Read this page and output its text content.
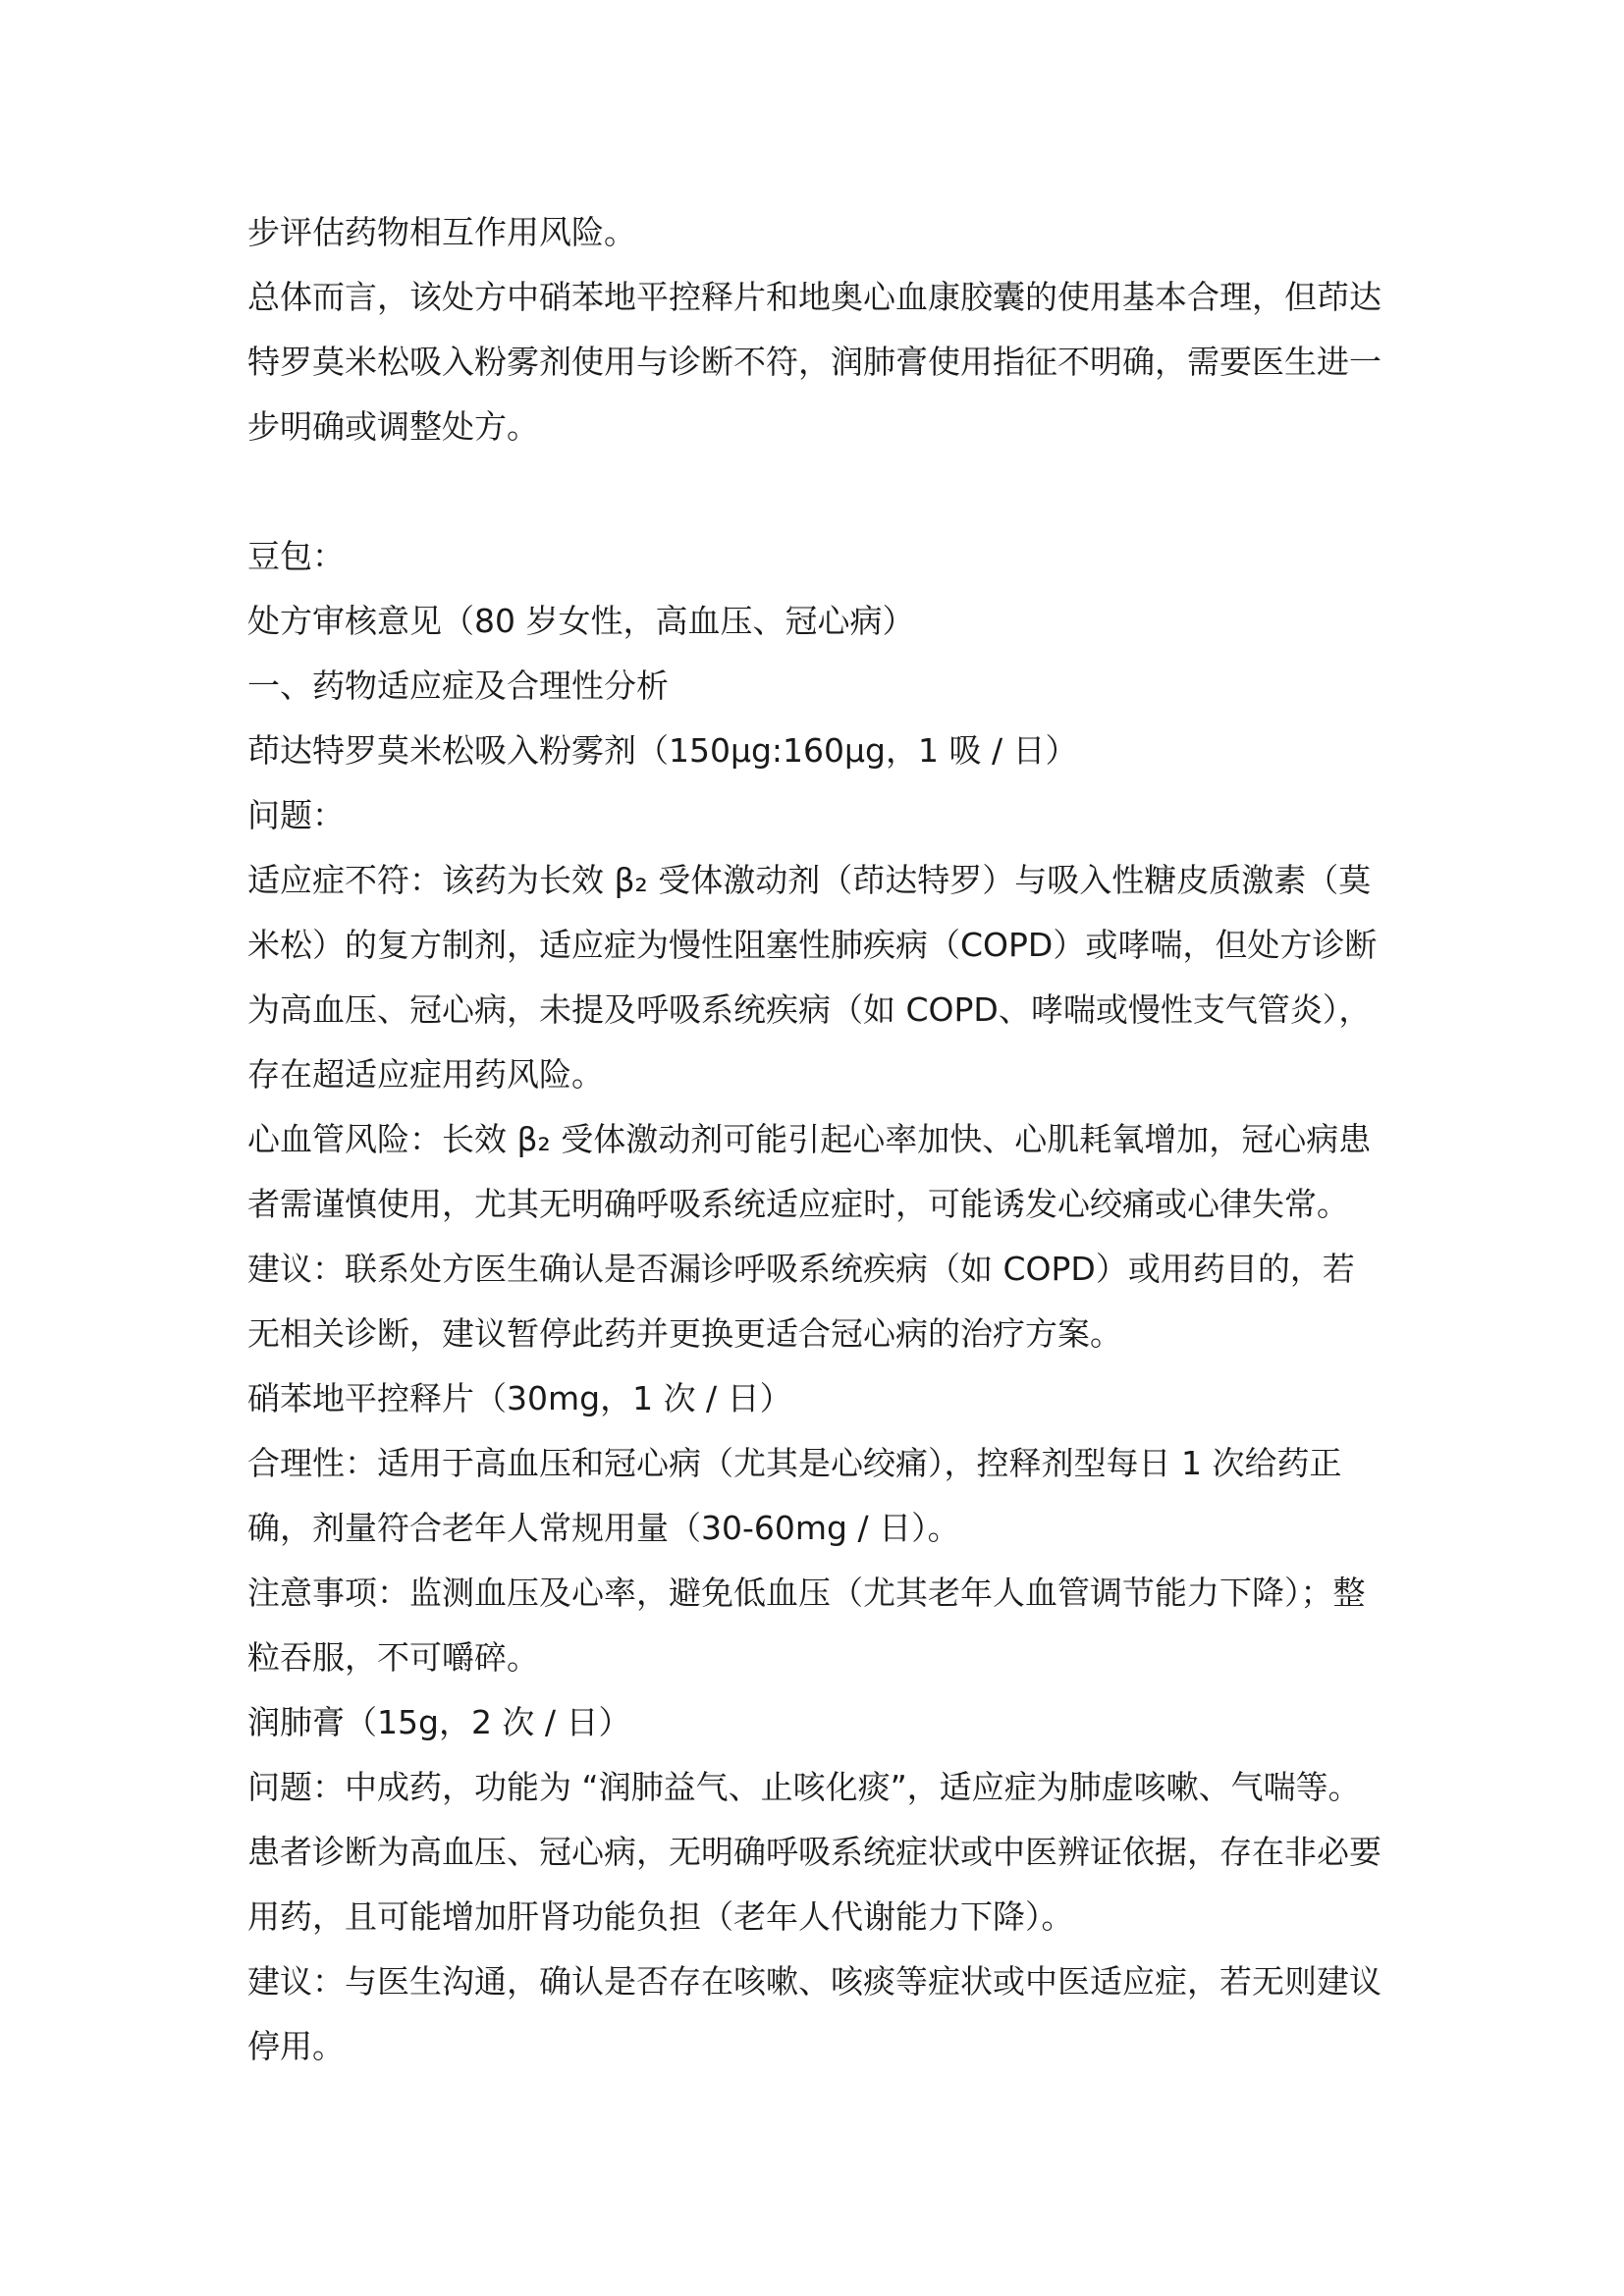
步评估药物相互作用风险。

总体而言，该处方中硝苯地平控释片和地奥心血康胶囊的使用基本合理，但茚达特罗莫米松吸入粉雾剂使用与诊断不符，润肺膏使用指征不明确，需要医生进一步明确或调整处方。

豆包：

处方审核意见（80 岁女性，高血压、冠心病）

一、药物适应症及合理性分析

茚达特罗莫米松吸入粉雾剂（150μg:160μg，1 吸 / 日）

问题：

适应症不符：该药为长效 β₂ 受体激动剂（茚达特罗）与吸入性糖皮质激素（莫米松）的复方制剂，适应症为慢性阻塞性肺疾病（COPD）或哮喘，但处方诊断为高血压、冠心病，未提及呼吸系统疾病（如 COPD、哮喘或慢性支气管炎），存在超适应症用药风险。

心血管风险：长效 β₂ 受体激动剂可能引起心率加快、心肌耗氧增加，冠心病患者需谨慎使用，尤其无明确呼吸系统适应症时，可能诱发心绞痛或心律失常。

建议：联系处方医生确认是否漏诊呼吸系统疾病（如 COPD）或用药目的，若无相关诊断，建议暂停此药并更换更适合冠心病的治疗方案。

硝苯地平控释片（30mg，1 次 / 日）

合理性：适用于高血压和冠心病（尤其是心绞痛），控释剂型每日 1 次给药正确，剂量符合老年人常规用量（30-60mg / 日）。

注意事项：监测血压及心率，避免低血压（尤其老年人血管调节能力下降）；整粒吞服，不可嚼碎。

润肺膏（15g，2 次 / 日）

问题：中成药，功能为 “润肺益气、止咳化痰”，适应症为肺虚咳嗽、气喘等。患者诊断为高血压、冠心病，无明确呼吸系统症状或中医辨证依据，存在非必要用药，且可能增加肝肾功能负担（老年人代谢能力下降）。

建议：与医生沟通，确认是否存在咳嗽、咳痰等症状或中医适应症，若无则建议停用。
